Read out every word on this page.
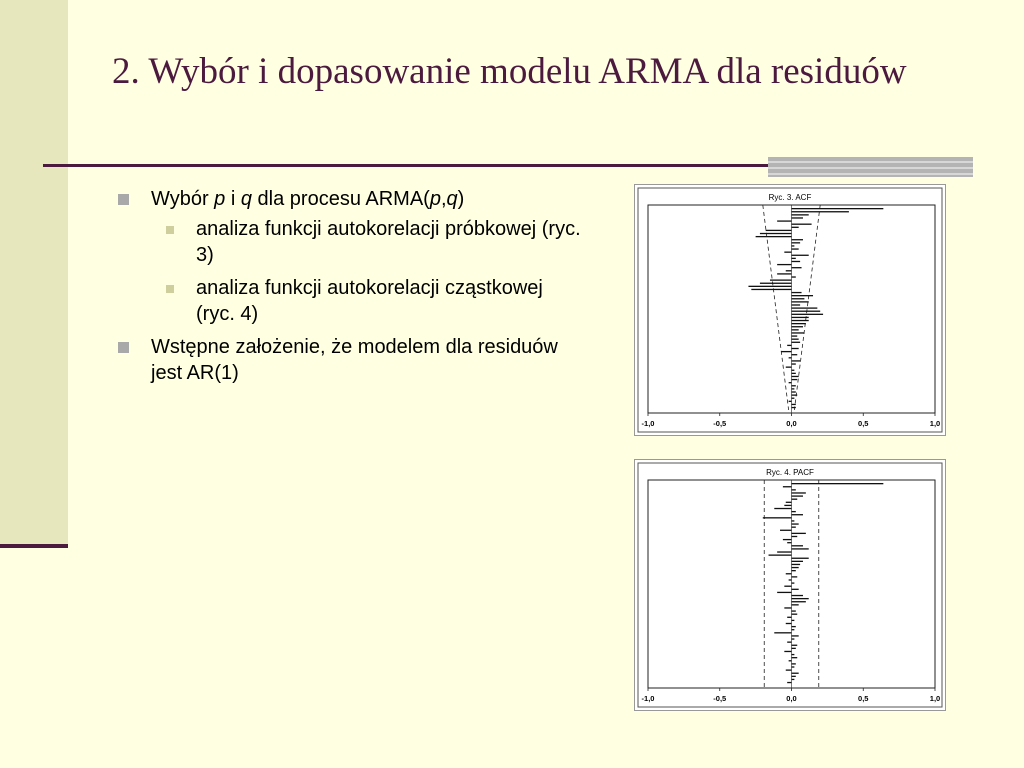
2. Wybór i dopasowanie modelu ARMA dla residuów
Wybór p i q dla procesu ARMA(p,q)
analiza funkcji autokorelacji próbkowej (ryc. 3)
analiza funkcji autokorelacji cząstkowej (ryc. 4)
Wstępne założenie, że modelem dla residuów jest AR(1)
Ryc. 3. ACF
-1,0	-0,5	0,0	0,5	1,0
Ryc. 4. PACF
-1,0	-0,5	0,0	0,5	1,0
